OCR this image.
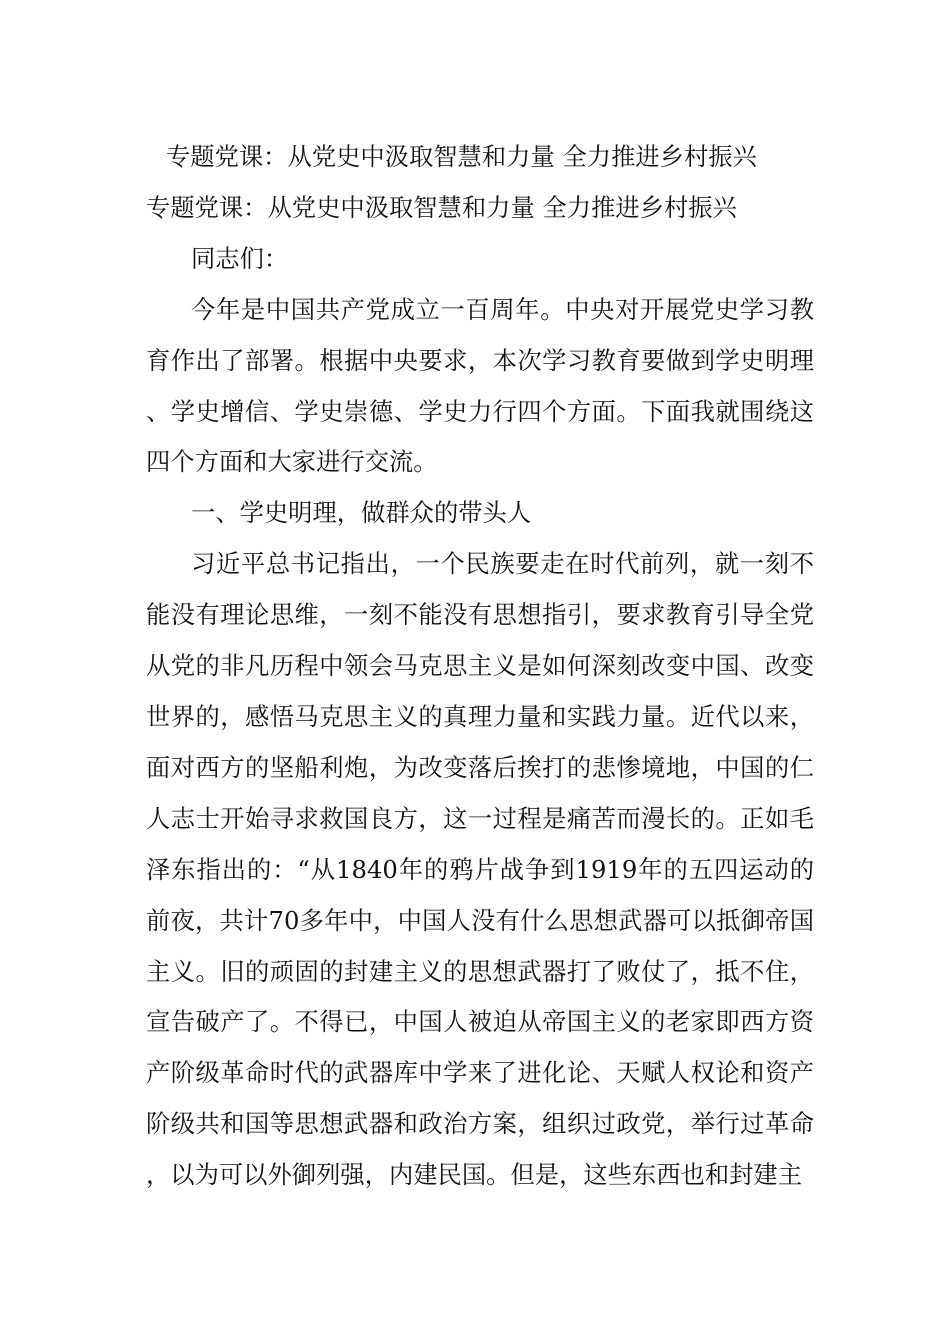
专题党课：从党史中汲取智慧和力量 全力推进乡村振兴

专题党课：从党史中汲取智慧和力量 全力推进乡村振兴

同志们：

今年是中国共产党成立一百周年。中央对开展党史学习教育作出了部署。根据中央要求，本次学习教育要做到学史明理、学史增信、学史崇德、学史力行四个方面。下面我就围绕这四个方面和大家进行交流。

一、学史明理，做群众的带头人

习近平总书记指出，一个民族要走在时代前列，就一刻不能没有理论思维，一刻不能没有思想指引，要求教育引导全党从党的非凡历程中领会马克思主义是如何深刻改变中国、改变世界的，感悟马克思主义的真理力量和实践力量。近代以来，面对西方的坚船利炮，为改变落后挨打的悲惨境地，中国的仁人志士开始寻求救国良方，这一过程是痛苦而漫长的。正如毛泽东指出的：“从1840年的鸦片战争到1919年的五四运动的前夜，共计70多年中，中国人没有什么思想武器可以抵御帝国主义。旧的顽固的封建主义的思想武器打了败仗了，抵不住，宣告破产了。不得已，中国人被迫从帝国主义的老家即西方资产阶级革命时代的武器库中学来了进化论、天赋人权论和资产阶级共和国等思想武器和政治方案，组织过政党，举行过革命，以为可以外御列强，内建民国。但是，这些东西也和封建主
